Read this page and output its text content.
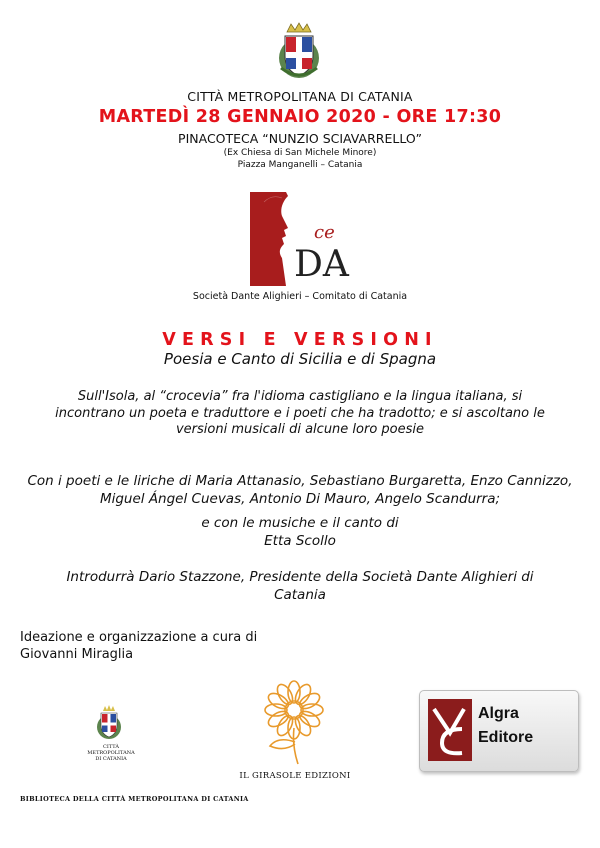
CITTÀ METROPOLITANA DI CATANIA
MARTEDÌ 28 GENNAIO 2020 - ORE 17:30
PINACOTECA “NUNZIO SCIAVARRELLO”
(Ex Chiesa di San Michele Minore)
Piazza Manganelli – Catania
ce
DA
Società Dante Alighieri – Comitato di Catania
VERSI E VERSIONI
Poesia e Canto di Sicilia e di Spagna
Sull'Isola, al “crocevia” fra l'idioma castigliano e la lingua italiana, si incontrano un poeta e traduttore e i poeti che ha tradotto; e si ascoltano le versioni musicali di alcune loro poesie
Con i poeti e le liriche di Maria Attanasio, Sebastiano Burgaretta, Enzo Cannizzo, Miguel Ángel Cuevas, Antonio Di Mauro, Angelo Scandurra;
e con le musiche e il canto di
Etta Scollo
Introdurrà Dario Stazzone, Presidente della Società Dante Alighieri di Catania
Ideazione e organizzazione a cura di
Giovanni Miraglia
CITTÀ METROPOLITANA
DI CATANIA
IL GIRASOLE EDIZIONI
Algra
Editore
BIBLIOTECA DELLA CITTÀ METROPOLITANA DI CATANIA
